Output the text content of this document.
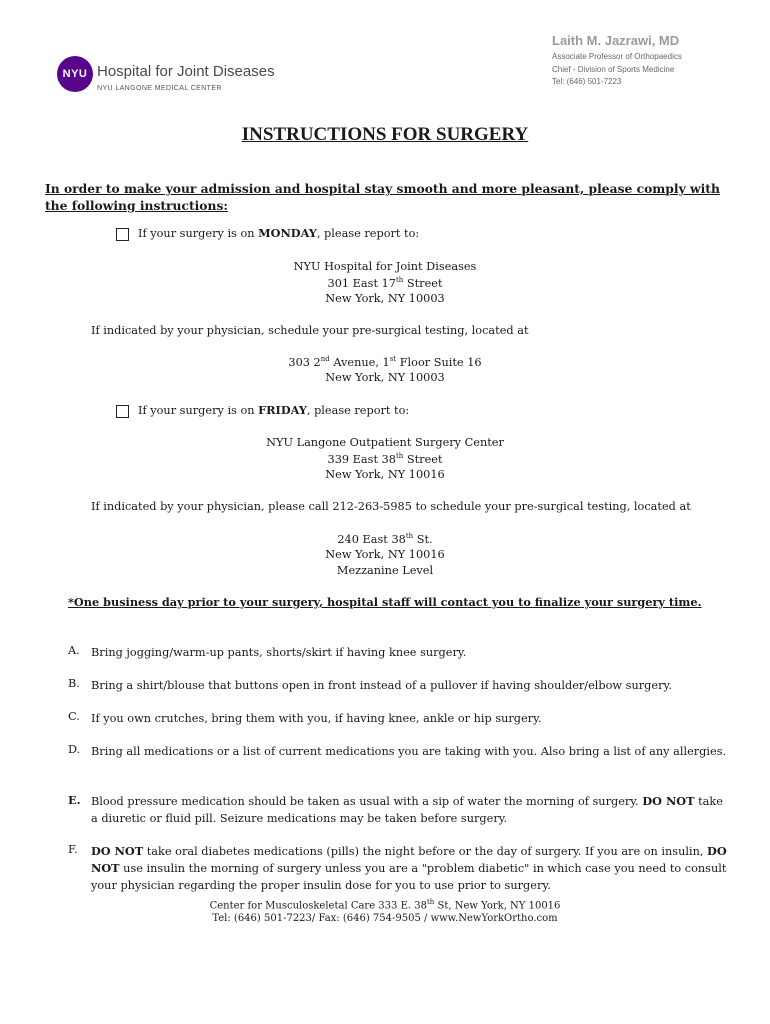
NYU Hospital for Joint Diseases
NYU LANGONE MEDICAL CENTER
Laith M. Jazrawi, MD
Associate Professor of Orthopaedics
Chief - Division of Sports Medicine
Tel: (646) 501-7223
INSTRUCTIONS FOR SURGERY
In order to make your admission and hospital stay smooth and more pleasant, please comply with the following instructions:
If your surgery is on MONDAY, please report to:
NYU Hospital for Joint Diseases
301 East 17th Street
New York, NY 10003
If indicated by your physician, schedule your pre-surgical testing, located at
303 2nd Avenue, 1st Floor Suite 16
New York, NY 10003
If your surgery is on FRIDAY, please report to:
NYU Langone Outpatient Surgery Center
339 East 38th Street
New York, NY 10016
If indicated by your physician, please call 212-263-5985 to schedule your pre-surgical testing, located at
240 East 38th St.
New York, NY 10016
Mezzanine Level
*One business day prior to your surgery, hospital staff will contact you to finalize your surgery time.
A. Bring jogging/warm-up pants, shorts/skirt if having knee surgery.
B. Bring a shirt/blouse that buttons open in front instead of a pullover if having shoulder/elbow surgery.
C. If you own crutches, bring them with you, if having knee, ankle or hip surgery.
D. Bring all medications or a list of current medications you are taking with you. Also bring a list of any allergies.
E. Blood pressure medication should be taken as usual with a sip of water the morning of surgery. DO NOT take a diuretic or fluid pill. Seizure medications may be taken before surgery.
F. DO NOT take oral diabetes medications (pills) the night before or the day of surgery. If you are on insulin, DO NOT use insulin the morning of surgery unless you are a "problem diabetic" in which case you need to consult your physician regarding the proper insulin dose for you to use prior to surgery.
Center for Musculoskeletal Care 333 E. 38th St, New York, NY 10016
Tel: (646) 501-7223/ Fax: (646) 754-9505 / www.NewYorkOrtho.com
